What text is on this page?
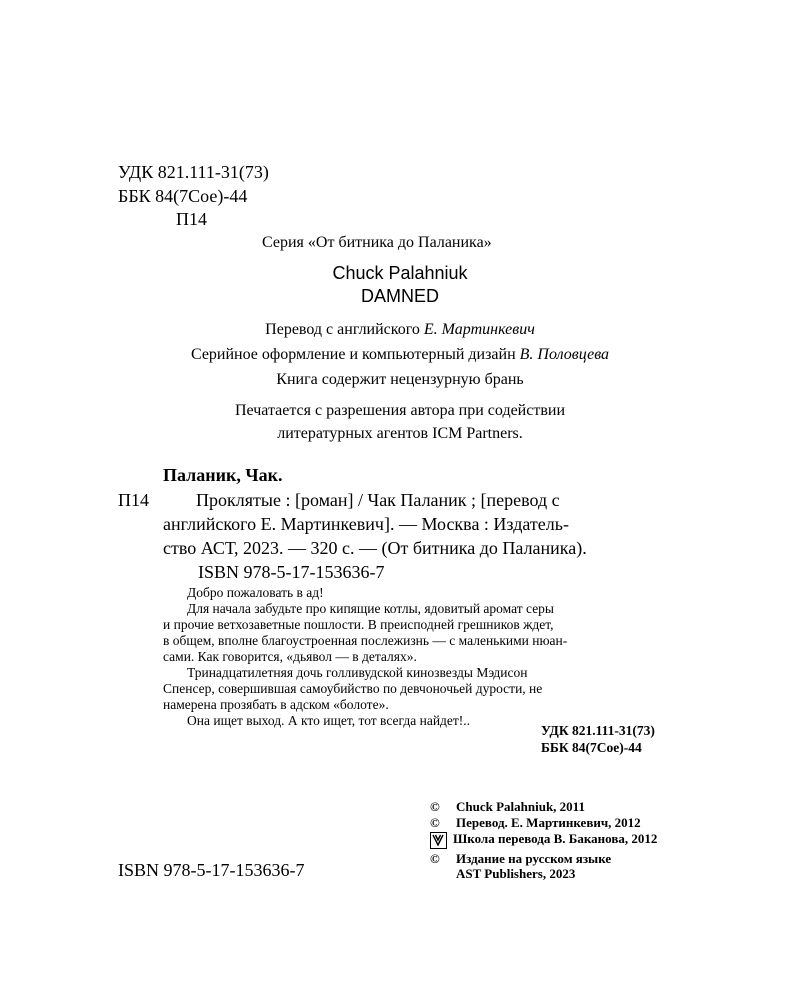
УДК 821.111-31(73)
ББК 84(7Сое)-44
П14
Серия «От битника до Паланика»
Chuck Palahniuk
DAMNED
Перевод с английского Е. Мартинкевич
Серийное оформление и компьютерный дизайн В. Половцева
Книга содержит нецензурную брань
Печатается с разрешения автора при содействии
литературных агентов ICM Partners.
Паланик, Чак.
П14	Проклятые : [роман] / Чак Паланик ; [перевод с
английского Е. Мартинкевич]. — Москва : Издатель-
ство АСТ, 2023. — 320 с. — (От битника до Паланика).
ISBN 978-5-17-153636-7

Добро пожаловать в ад!

Для начала забудьте про кипящие котлы, ядовитый аромат серы

и прочие ветхозаветные пошлости. В преисподней грешников ждет,

в общем, вполне благоустроенная послежизнь — с маленькими нюан-

сами. Как говорится, «дьявол — в деталях».

Тринадцатилетняя дочь голливудской кинозвезды Мэдисон

Спенсер, совершившая самоубийство по девчоночьей дурости, не

намерена прозябать в адском «болоте».

Она ищет выход. А кто ищет, тот всегда найдет!..

УДК 821.111-31(73)
ББК 84(7Сое)-44
ISBN 978-5-17-153636-7
© Chuck Palahniuk, 2011
© Перевод. Е. Мартинкевич, 2012
Школа перевода В. Баканова, 2012
© Издание на русском языке
AST Publishers, 2023
